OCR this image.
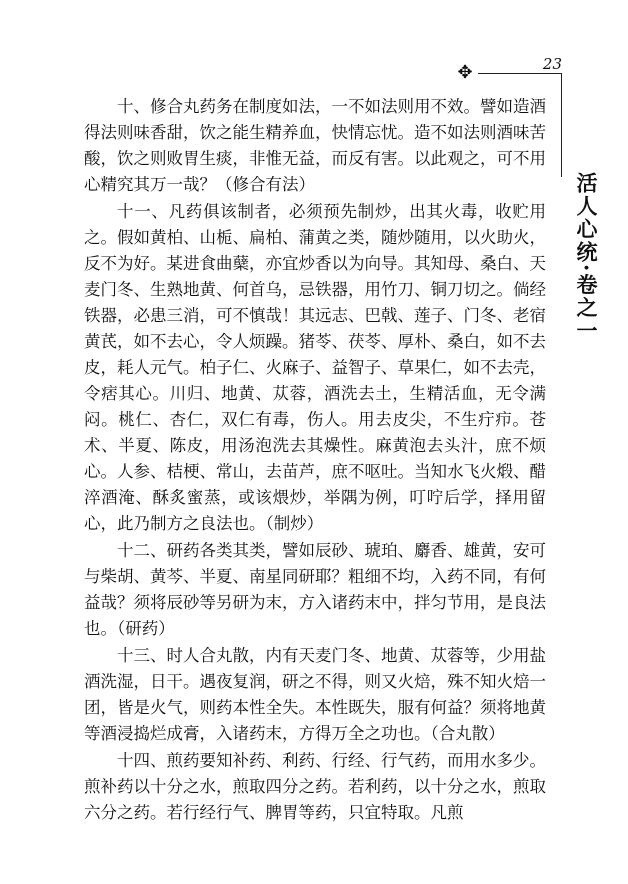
✥	23
活人心统·卷之一

十、修合丸药务在制度如法，一不如法则用不效。譬如造酒得法则味香甜，饮之能生精养血，快情忘忧。造不如法则酒味苦酸，饮之则败胃生痰，非惟无益，而反有害。以此观之，可不用心精究其万一哉？（修合有法）

十一、凡药俱该制者，必须预先制炒，出其火毒，收贮用之。假如黄柏、山栀、扁柏、蒲黄之类，随炒随用，以火助火，反不为好。某进食曲蘖，亦宜炒香以为向导。其知母、桑白、天麦门冬、生熟地黄、何首乌，忌铁器，用竹刀、铜刀切之。倘经铁器，必患三消，可不慎哉！其远志、巴戟、莲子、门冬、老宿黄芪，如不去心，令人烦躁。猪苓、茯苓、厚朴、桑白，如不去皮，耗人元气。柏子仁、火麻子、益智子、草果仁，如不去壳，令痞其心。川归、地黄、苁蓉，酒洗去土，生精活血，无令满闷。桃仁、杏仁，双仁有毒，伤人。用去皮尖，不生疔疖。苍术、半夏、陈皮，用汤泡洗去其燥性。麻黄泡去头汁，庶不烦心。人参、桔梗、常山，去苗芦，庶不呕吐。当知水飞火煅、醋淬酒淹、酥炙蜜蒸，或该煨炒，举隅为例，叮咛后学，择用留心，此乃制方之良法也。（制炒）

十二、研药各类其类，譬如辰砂、琥珀、麝香、雄黄，安可与柴胡、黄芩、半夏、南星同研耶？粗细不均，入药不同，有何益哉？须将辰砂等另研为末，方入诸药末中，拌匀节用，是良法也。（研药）

十三、时人合丸散，内有天麦门冬、地黄、苁蓉等，少用盐酒洗湿，日干。遇夜复润，研之不得，则又火焙，殊不知火焙一团，皆是火气，则药本性全失。本性既失，服有何益？须将地黄等酒浸捣烂成膏，入诸药末，方得万全之功也。（合丸散）

十四、煎药要知补药、利药、行经、行气药，而用水多少。煎补药以十分之水，煎取四分之药。若利药，以十分之水，煎取六分之药。若行经行气、脾胃等药，只宜特取。凡煎
